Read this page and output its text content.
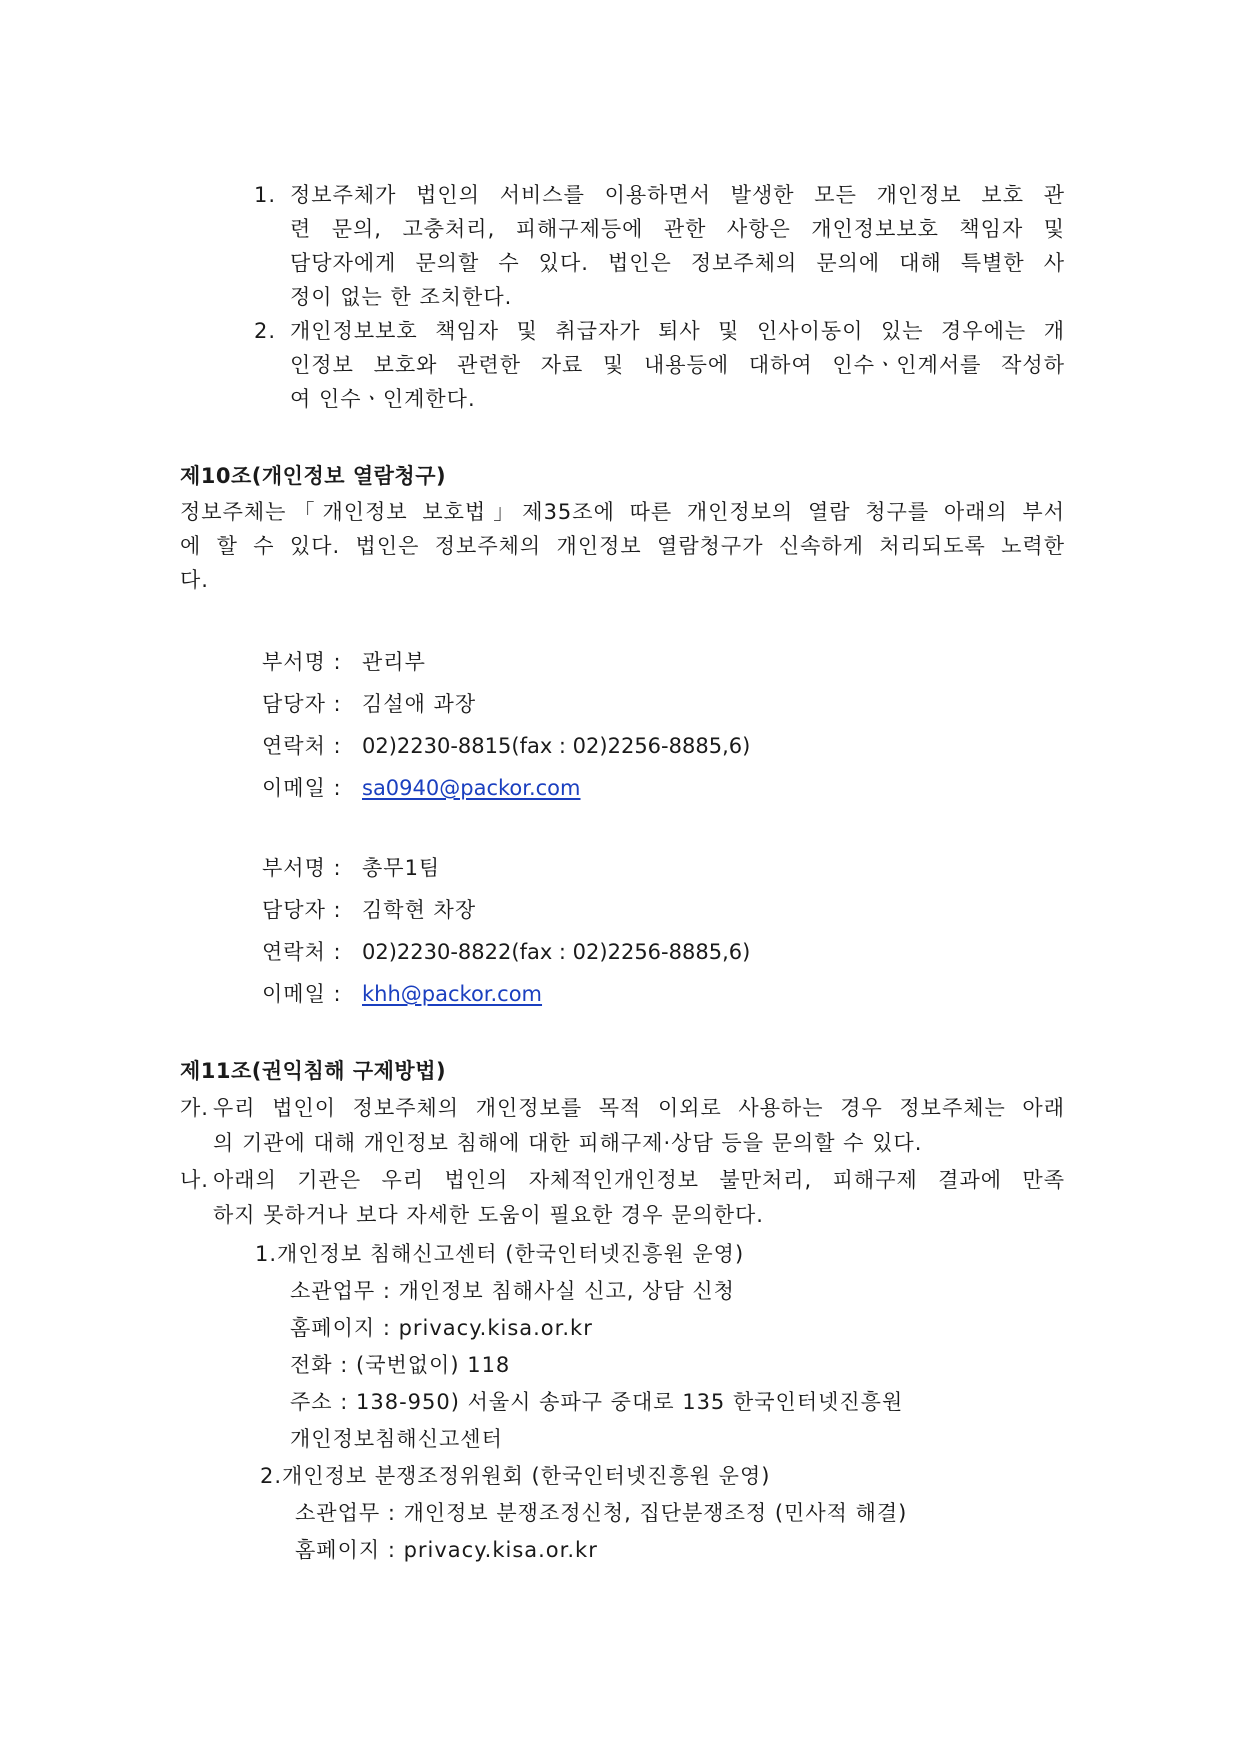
1. 정보주체가 법인의 서비스를 이용하면서 발생한 모든 개인정보 보호 관
련 문의, 고충처리, 피해구제등에 관한 사항은 개인정보보호 책임자 및
담당자에게 문의할 수 있다. 법인은 정보주체의 문의에 대해 특별한 사
정이 없는 한 조치한다.
2. 개인정보보호 책임자 및 취급자가 퇴사 및 인사이동이 있는 경우에는 개
인정보 보호와 관련한 자료 및 내용등에 대하여 인수ㆍ인계서를 작성하
여 인수ㆍ인계한다.
제10조(개인정보 열람청구)
정보주체는「개인정보 보호법」제35조에 따른 개인정보의 열람 청구를 아래의 부서
에 할 수 있다. 법인은 정보주체의 개인정보 열람청구가 신속하게 처리되도록 노력한
다.
부서명 : 관리부
담당자 : 김설애 과장
연락처 : 02)2230-8815(fax : 02)2256-8885,6)
이메일 : sa0940@packor.com
부서명 : 총무1팀
담당자 : 김학현 차장
연락처 : 02)2230-8822(fax : 02)2256-8885,6)
이메일 : khh@packor.com
제11조(권익침해 구제방법)
가. 우리 법인이 정보주체의 개인정보를 목적 이외로 사용하는 경우 정보주체는 아래
의 기관에 대해 개인정보 침해에 대한 피해구제·상담 등을 문의할 수 있다.
나. 아래의 기관은 우리 법인의 자체적인개인정보 불만처리, 피해구제 결과에 만족
하지 못하거나 보다 자세한 도움이 필요한 경우 문의한다.
1.개인정보 침해신고센터 (한국인터넷진흥원 운영)
소관업무 : 개인정보 침해사실 신고, 상담 신청
홈페이지 : privacy.kisa.or.kr
전화 : (국번없이) 118
주소 : 138-950) 서울시 송파구 중대로 135 한국인터넷진흥원
개인정보침해신고센터
2.개인정보 분쟁조정위원회 (한국인터넷진흥원 운영)
소관업무 : 개인정보 분쟁조정신청, 집단분쟁조정 (민사적 해결)
홈페이지 : privacy.kisa.or.kr
